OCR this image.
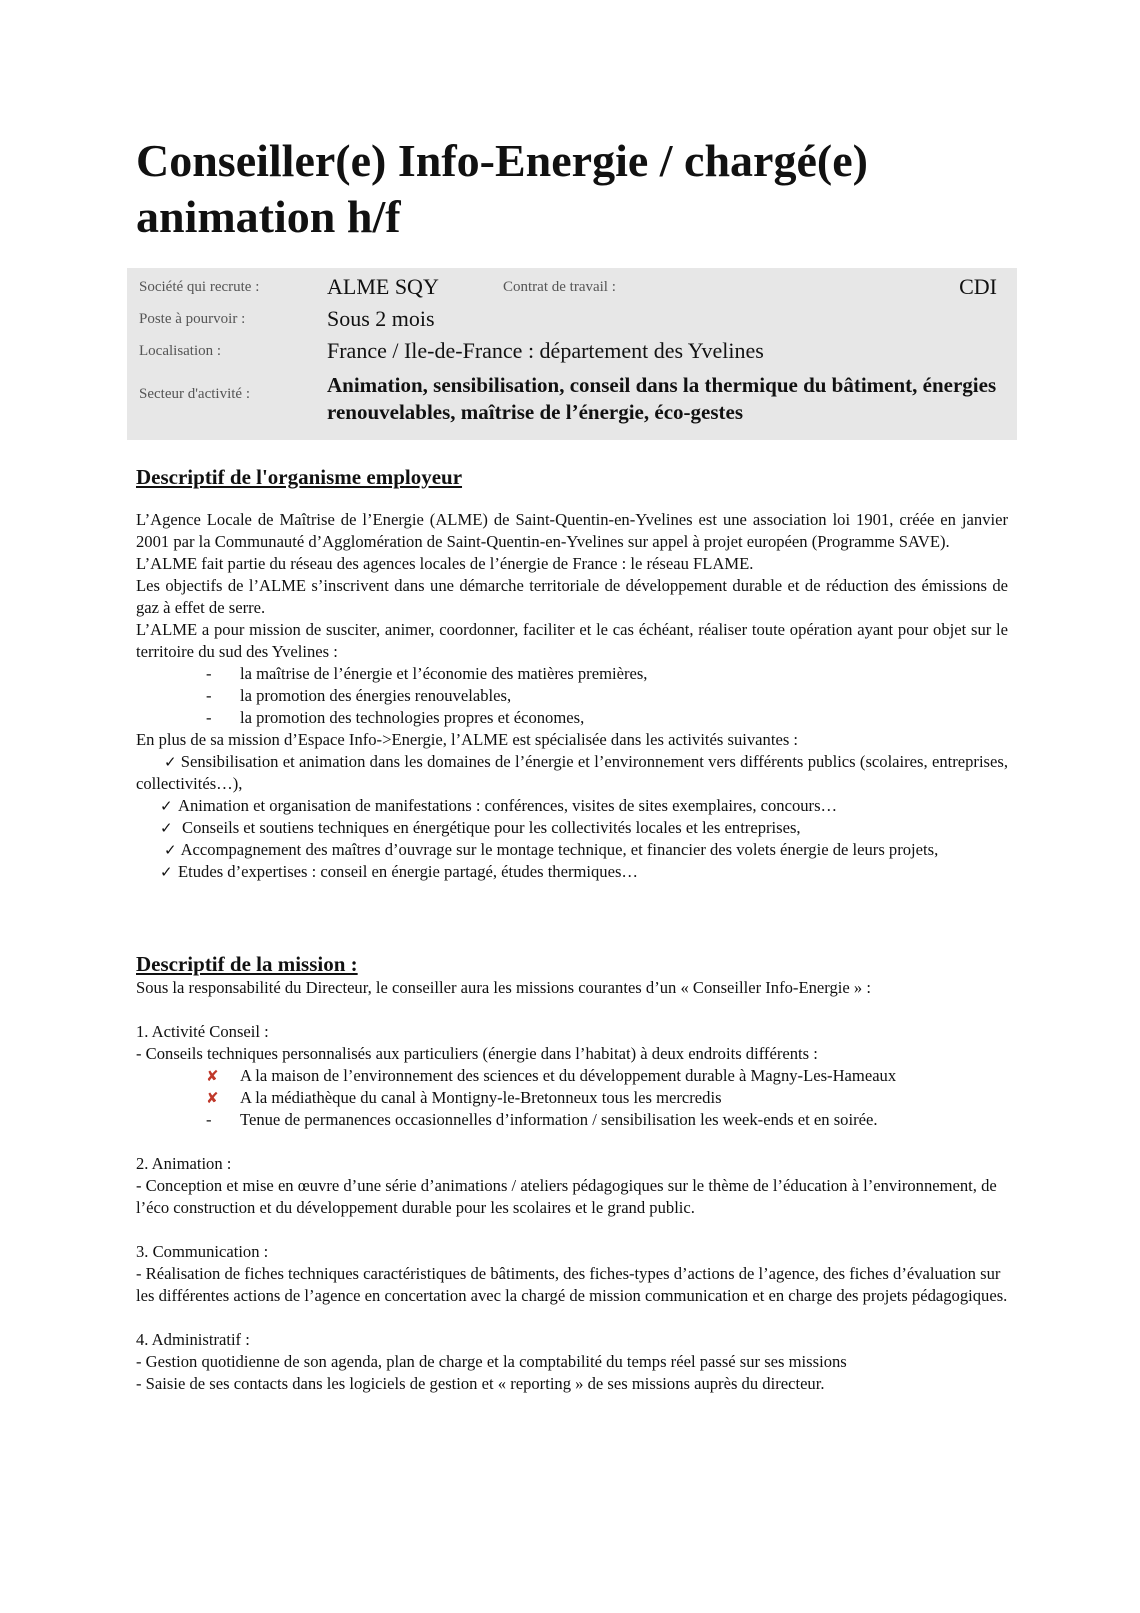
Conseiller(e) Info-Energie / chargé(e) animation h/f
Société qui recrute :	ALME SQY	Contrat de travail :	CDI
Poste à pourvoir :	Sous 2 mois
Localisation :	France / Ile-de-France : département des Yvelines
Secteur d'activité :	Animation, sensibilisation, conseil dans la thermique du bâtiment, énergies renouvelables, maîtrise de l’énergie, éco-gestes
Descriptif de l'organisme employeur

L’Agence Locale de Maîtrise de l’Energie (ALME) de Saint-Quentin-en-Yvelines est une association loi 1901, créée en janvier 2001 par la Communauté d’Agglomération de Saint-Quentin-en-Yvelines sur appel à projet européen (Programme SAVE).

L’ALME fait partie du réseau des agences locales de l’énergie de France : le réseau FLAME.

Les objectifs de l’ALME s’inscrivent dans une démarche territoriale de développement durable et de réduction des émissions de gaz à effet de serre.

L’ALME a pour mission de susciter, animer, coordonner, faciliter et le cas échéant, réaliser toute opération ayant pour objet sur le territoire du sud des Yvelines :

-	la maîtrise de l’énergie et l’économie des matières premières,
-	la promotion des énergies renouvelables,
-	la promotion des technologies propres et économes,

En plus de sa mission d’Espace Info->Energie, l’ALME est spécialisée dans les activités suivantes :

✓ Sensibilisation et animation dans les domaines de l’énergie et l’environnement vers différents publics (scolaires, entreprises, collectivités…),
✓ Animation et organisation de manifestations : conférences, visites de sites exemplaires, concours…
✓ Conseils et soutiens techniques en énergétique pour les collectivités locales et les entreprises,
✓ Accompagnement des maîtres d’ouvrage sur le montage technique, et financier des volets énergie de leurs projets,
✓ Etudes d’expertises : conseil en énergie partagé, études thermiques…
Descriptif de la mission :

Sous la responsabilité du Directeur, le conseiller aura les missions courantes d’un « Conseiller Info-Energie » :

1. Activité Conseil :

- Conseils techniques personnalisés aux particuliers (énergie dans l’habitat) à deux endroits différents :

✘	A la maison de l’environnement des sciences et du développement durable à Magny-Les-Hameaux
✘	A la médiathèque du canal à Montigny-le-Bretonneux tous les mercredis
-	Tenue de permanences occasionnelles d’information / sensibilisation les week-ends et en soirée.

2. Animation :

- Conception et mise en œuvre d’une série d’animations / ateliers pédagogiques sur le thème de l’éducation à l’environnement, de l’éco construction et du développement durable pour les scolaires et le grand public.

3. Communication :

- Réalisation de fiches techniques caractéristiques de bâtiments, des fiches-types d’actions de l’agence, des fiches d’évaluation sur les différentes actions de l’agence en concertation avec la chargé de mission communication et en charge des projets pédagogiques.

4. Administratif :

- Gestion quotidienne de son agenda, plan de charge et la comptabilité du temps réel passé sur ses missions

- Saisie de ses contacts dans les logiciels de gestion et « reporting » de ses missions auprès du directeur.
